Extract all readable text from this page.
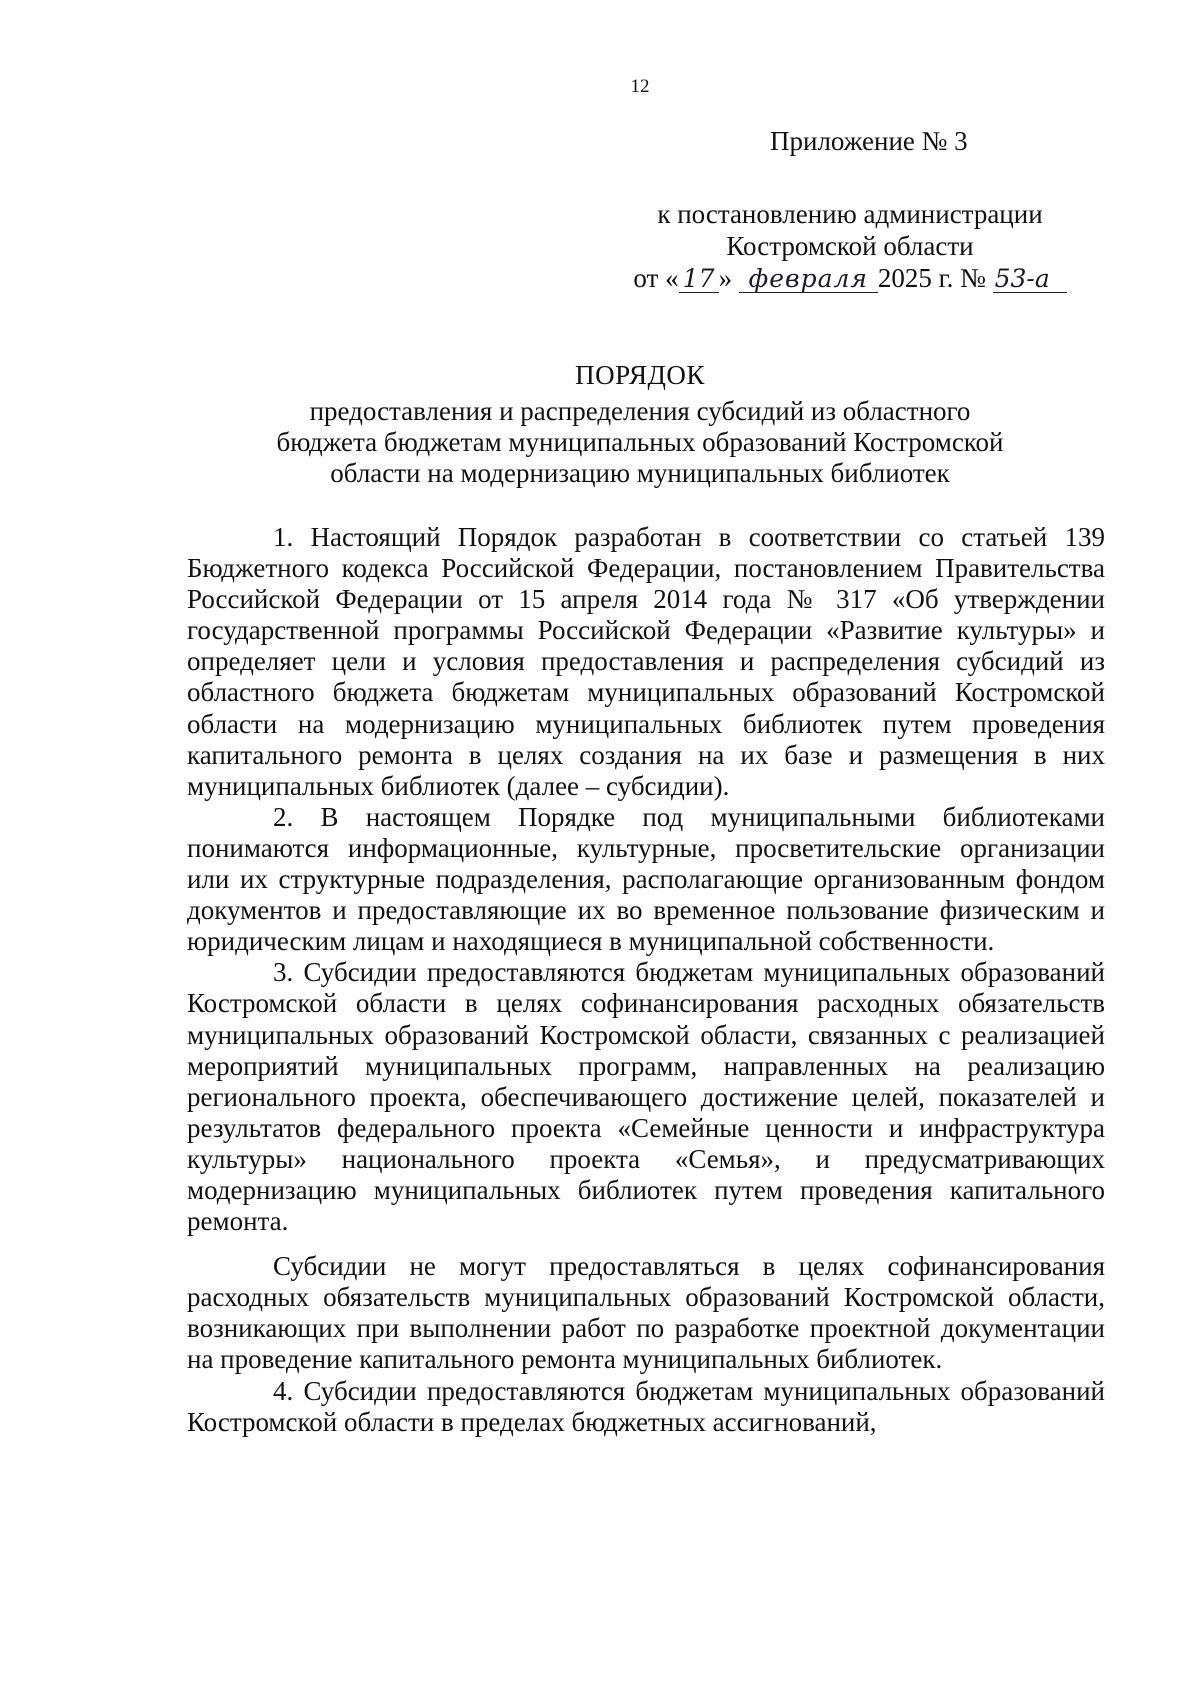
12
Приложение № 3
к постановлению администрации
Костромской области
от « 17 » февраля 2025 г. № 53-а
ПОРЯДОК
предоставления и распределения субсидий из областного
бюджета бюджетам муниципальных образований Костромской
области на модернизацию муниципальных библиотек

1. Настоящий Порядок разработан в соответствии со статьей 139 Бюджетного кодекса Российской Федерации, постановлением Правительства Российской Федерации от 15 апреля 2014 года № 317 «Об утверждении государственной программы Российской Федерации «Развитие культуры» и определяет цели и условия предоставления и распределения субсидий из областного бюджета бюджетам муниципальных образований Костромской области на модернизацию муниципальных библиотек путем проведения капитального ремонта в целях создания на их базе и размещения в них муниципальных библиотек (далее – субсидии).

2. В настоящем Порядке под муниципальными библиотеками понимаются информационные, культурные, просветительские организации или их структурные подразделения, располагающие организованным фондом документов и предоставляющие их во временное пользование физическим и юридическим лицам и находящиеся в муниципальной собственности.

3. Субсидии предоставляются бюджетам муниципальных образований Костромской области в целях софинансирования расходных обязательств муниципальных образований Костромской области, связанных с реализацией мероприятий муниципальных программ, направленных на реализацию регионального проекта, обеспечивающего достижение целей, показателей и результатов федерального проекта «Семейные ценности и инфраструктура культуры» национального проекта «Семья», и предусматривающих модернизацию муниципальных библиотек путем проведения капитального ремонта.

Субсидии не могут предоставляться в целях софинансирования расходных обязательств муниципальных образований Костромской области, возникающих при выполнении работ по разработке проектной документации на проведение капитального ремонта муниципальных библиотек.

4. Субсидии предоставляются бюджетам муниципальных образований Костромской области в пределах бюджетных ассигнований,
